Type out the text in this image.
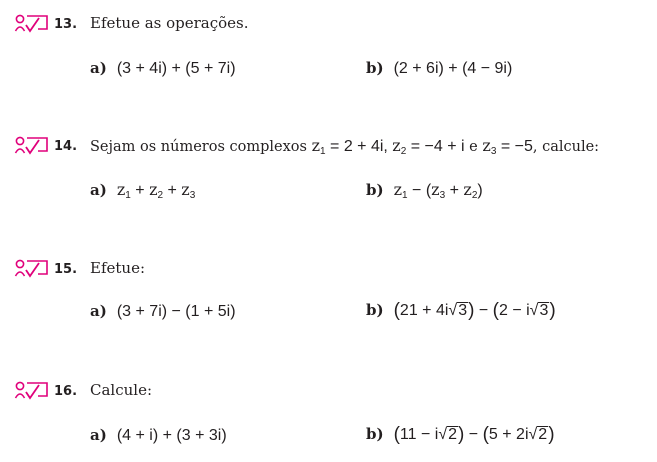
13. Efetue as operações.
a) (3 + 4i) + (5 + 7i)	b) (2 + 6i) + (4 − 9i)
14. Sejam os números complexos $z_1 = 2 + 4i$, $z_2 = -4 + i$ e $z_3 = -5$, calcule:
a) $z_1 + z_2 + z_3$	b) $z_1 - (z_3 + z_2)$
15. Efetue:
a) (3 + 7i) − (1 + 5i)	b) (21 + 4i√3) − (2 − i√3)
16. Calcule:
a) (4 + i) + (3 + 3i)	b) (11 − i√2) − (5 + 2i√2)
